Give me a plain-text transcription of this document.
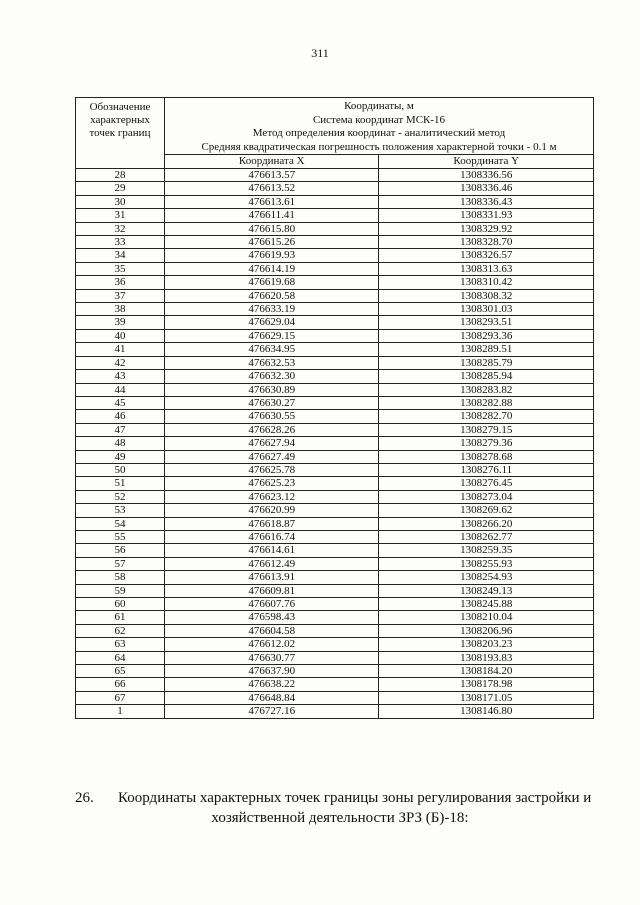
311
Обозначение характерных точек границ	Координаты, м
Система координат МСК-16
Метод определения координат - аналитический метод
Средняя квадратическая погрешность положения характерной точки - 0.1 м	

	Координата X	Координата Y
28	476613.57	1308336.56
29	476613.52	1308336.46
30	476613.61	1308336.43
31	476611.41	1308331.93
32	476615.80	1308329.92
33	476615.26	1308328.70
34	476619.93	1308326.57
35	476614.19	1308313.63
36	476619.68	1308310.42
37	476620.58	1308308.32
38	476633.19	1308301.03
39	476629.04	1308293.51
40	476629.15	1308293.36
41	476634.95	1308289.51
42	476632.53	1308285.79
43	476632.30	1308285.94
44	476630.89	1308283.82
45	476630.27	1308282.88
46	476630.55	1308282.70
47	476628.26	1308279.15
48	476627.94	1308279.36
49	476627.49	1308278.68
50	476625.78	1308276.11
51	476625.23	1308276.45
52	476623.12	1308273.04
53	476620.99	1308269.62
54	476618.87	1308266.20
55	476616.74	1308262.77
56	476614.61	1308259.35
57	476612.49	1308255.93
58	476613.91	1308254.93
59	476609.81	1308249.13
60	476607.76	1308245.88
61	476598.43	1308210.04
62	476604.58	1308206.96
63	476612.02	1308203.23
64	476630.77	1308193.83
65	476637.90	1308184.20
66	476638.22	1308178.98
67	476648.84	1308171.05
1	476727.16	1308146.80
26. Координаты характерных точек границы зоны регулирования застройки и
хозяйственной деятельности ЗРЗ (Б)-18:
